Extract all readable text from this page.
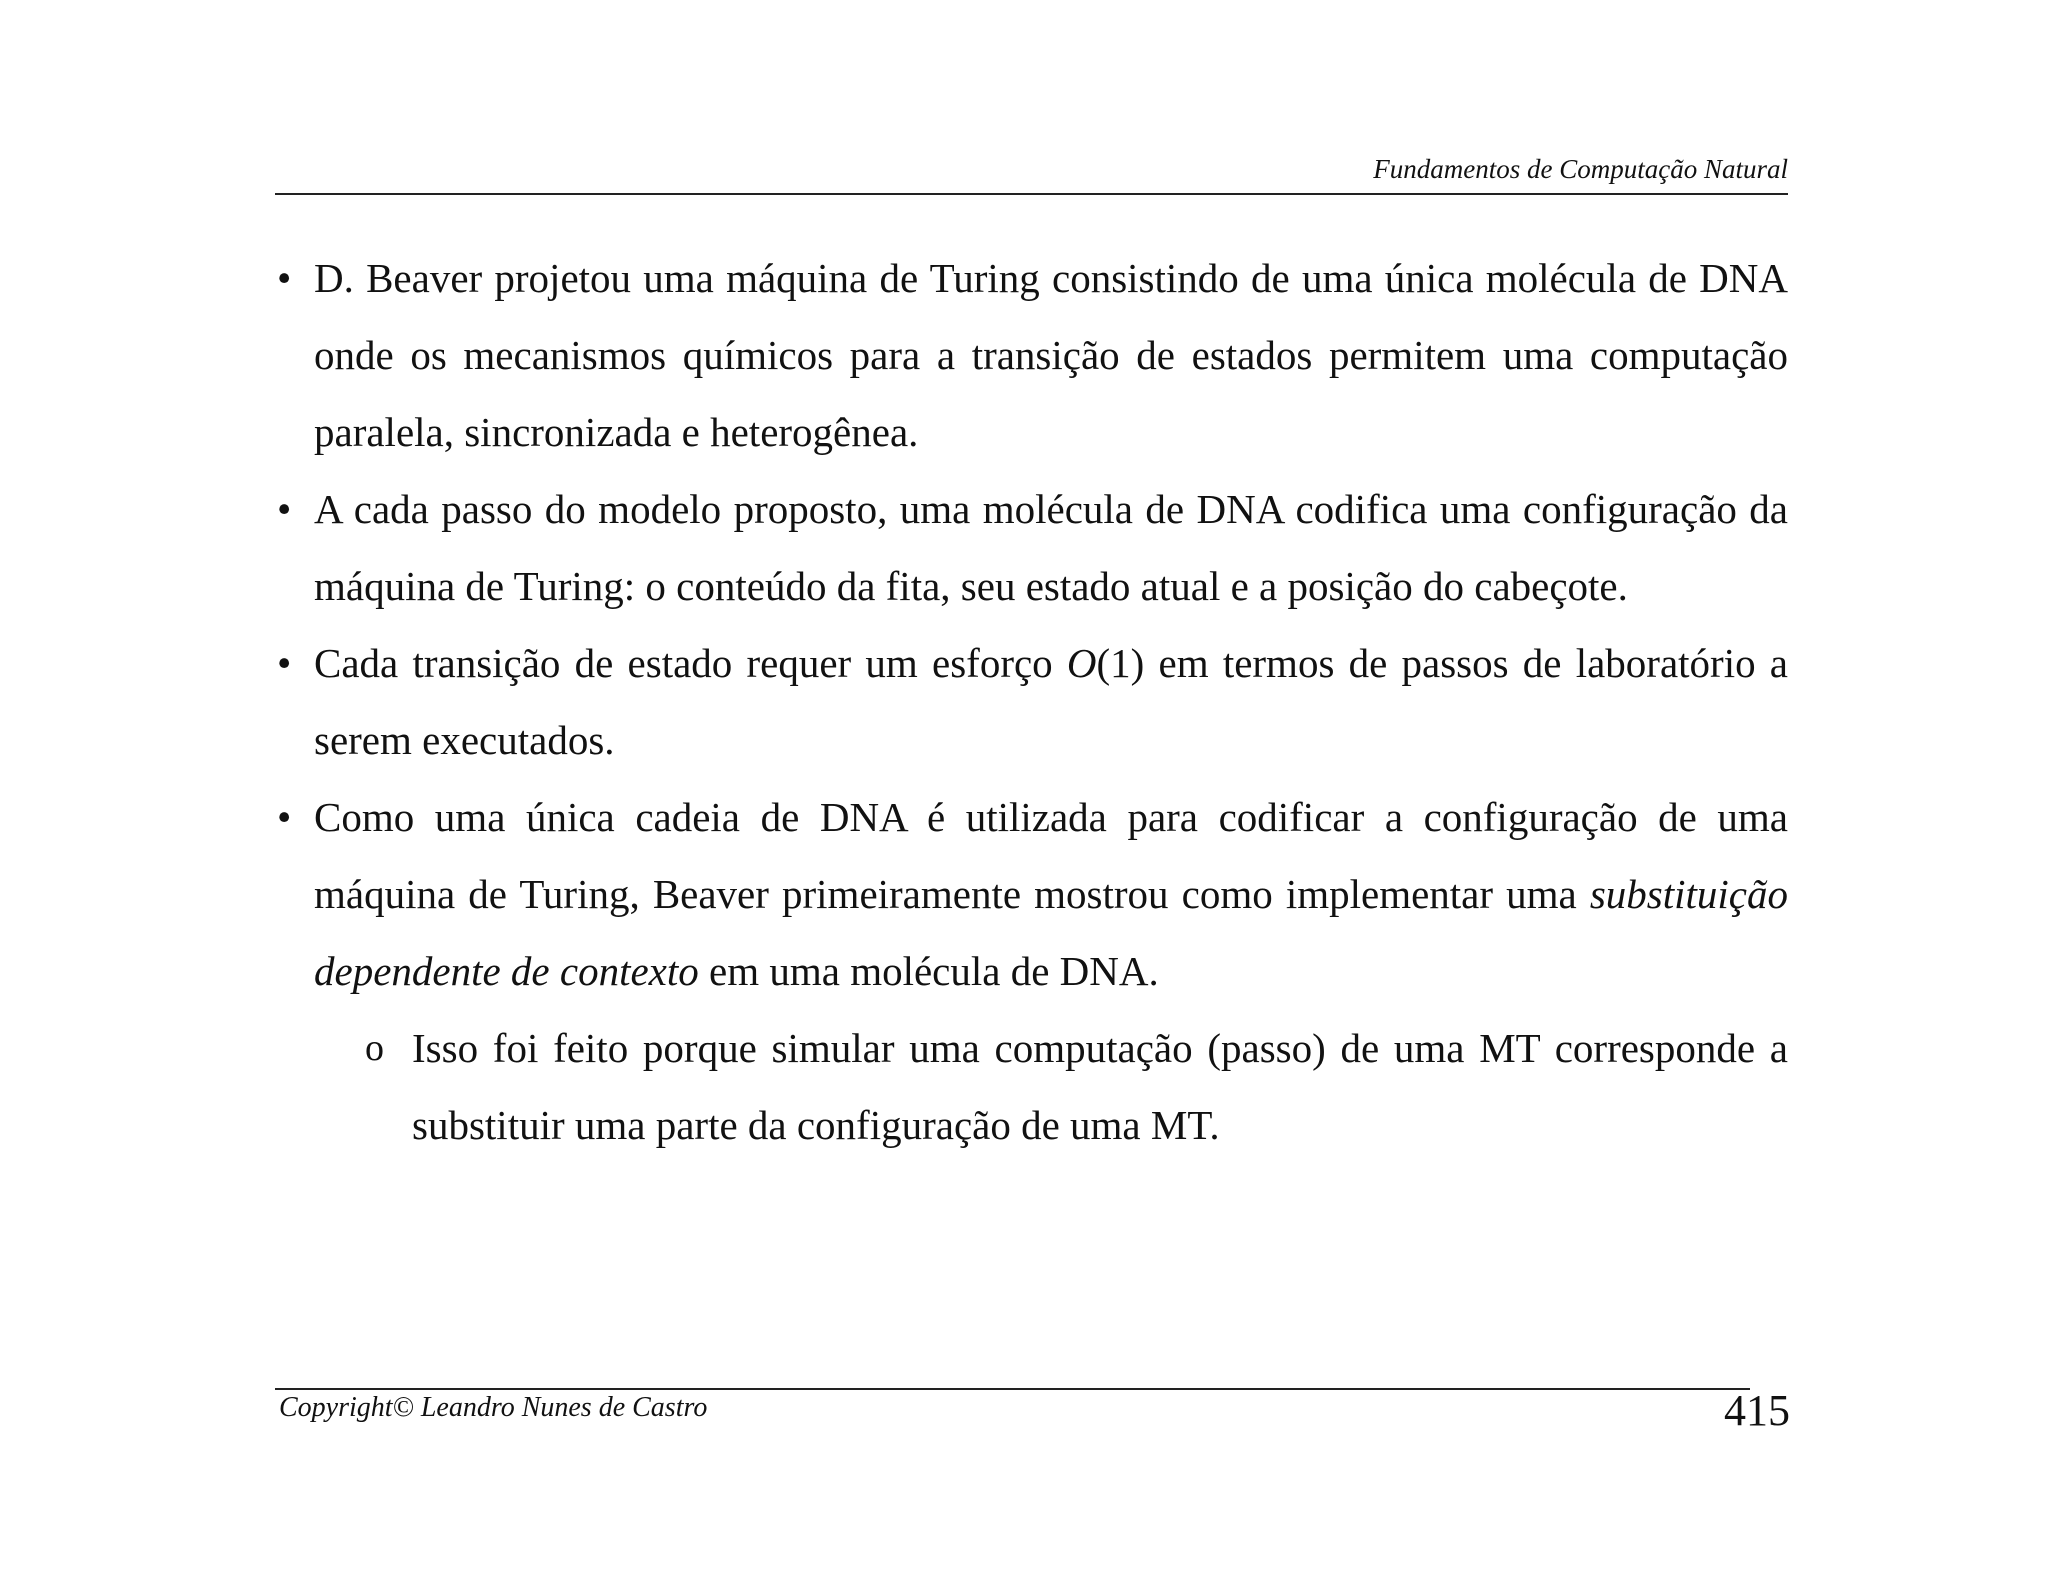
Fundamentos de Computação Natural

• D. Beaver projetou uma máquina de Turing consistindo de uma única molécula de DNA onde os mecanismos químicos para a transição de estados permitem uma computação paralela, sincronizada e heterogênea.

• A cada passo do modelo proposto, uma molécula de DNA codifica uma configuração da máquina de Turing: o conteúdo da fita, seu estado atual e a posição do cabeçote.

• Cada transição de estado requer um esforço O(1) em termos de passos de laboratório a serem executados.

• Como uma única cadeia de DNA é utilizada para codificar a configuração de uma máquina de Turing, Beaver primeiramente mostrou como implementar uma substituição dependente de contexto em uma molécula de DNA.

o Isso foi feito porque simular uma computação (passo) de uma MT corresponde a substituir uma parte da configuração de uma MT.

Copyright© Leandro Nunes de Castro	415
